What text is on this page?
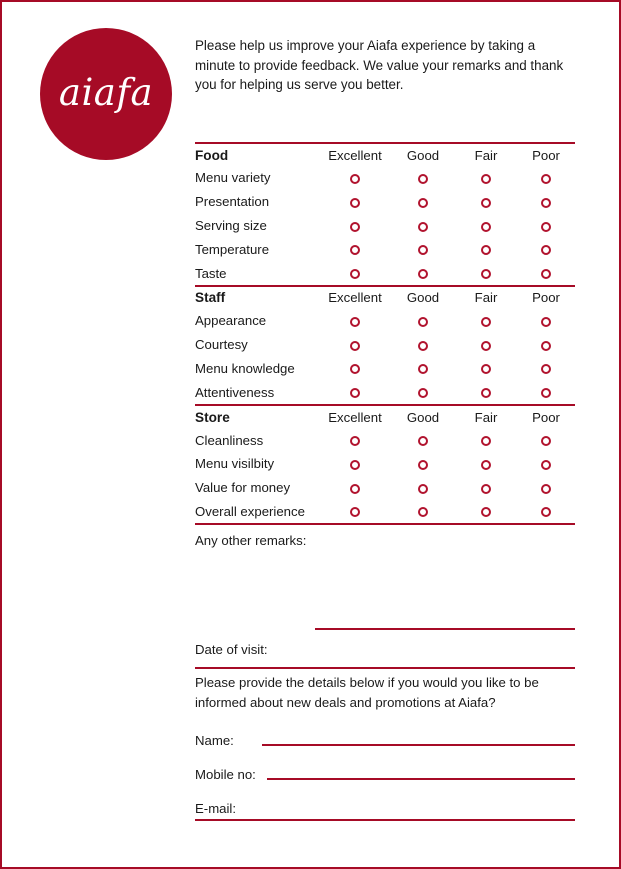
aiafa
Please help us improve your Aiafa experience by taking a minute to provide feedback. We value your remarks and thank you for helping us serve you better.
Food	Excellent	Good	Fair	Poor
Menu variety
Presentation
Serving size
Temperature
Taste
Staff	Excellent	Good	Fair	Poor
Appearance
Courtesy
Menu knowledge
Attentiveness
Store	Excellent	Good	Fair	Poor
Cleanliness
Menu visilbity
Value for money
Overall experience
Any other remarks:
Date of visit:
Please provide the details below if you would you like to be informed about new deals and promotions at Aiafa?
Name:
Mobile no:
E-mail:
